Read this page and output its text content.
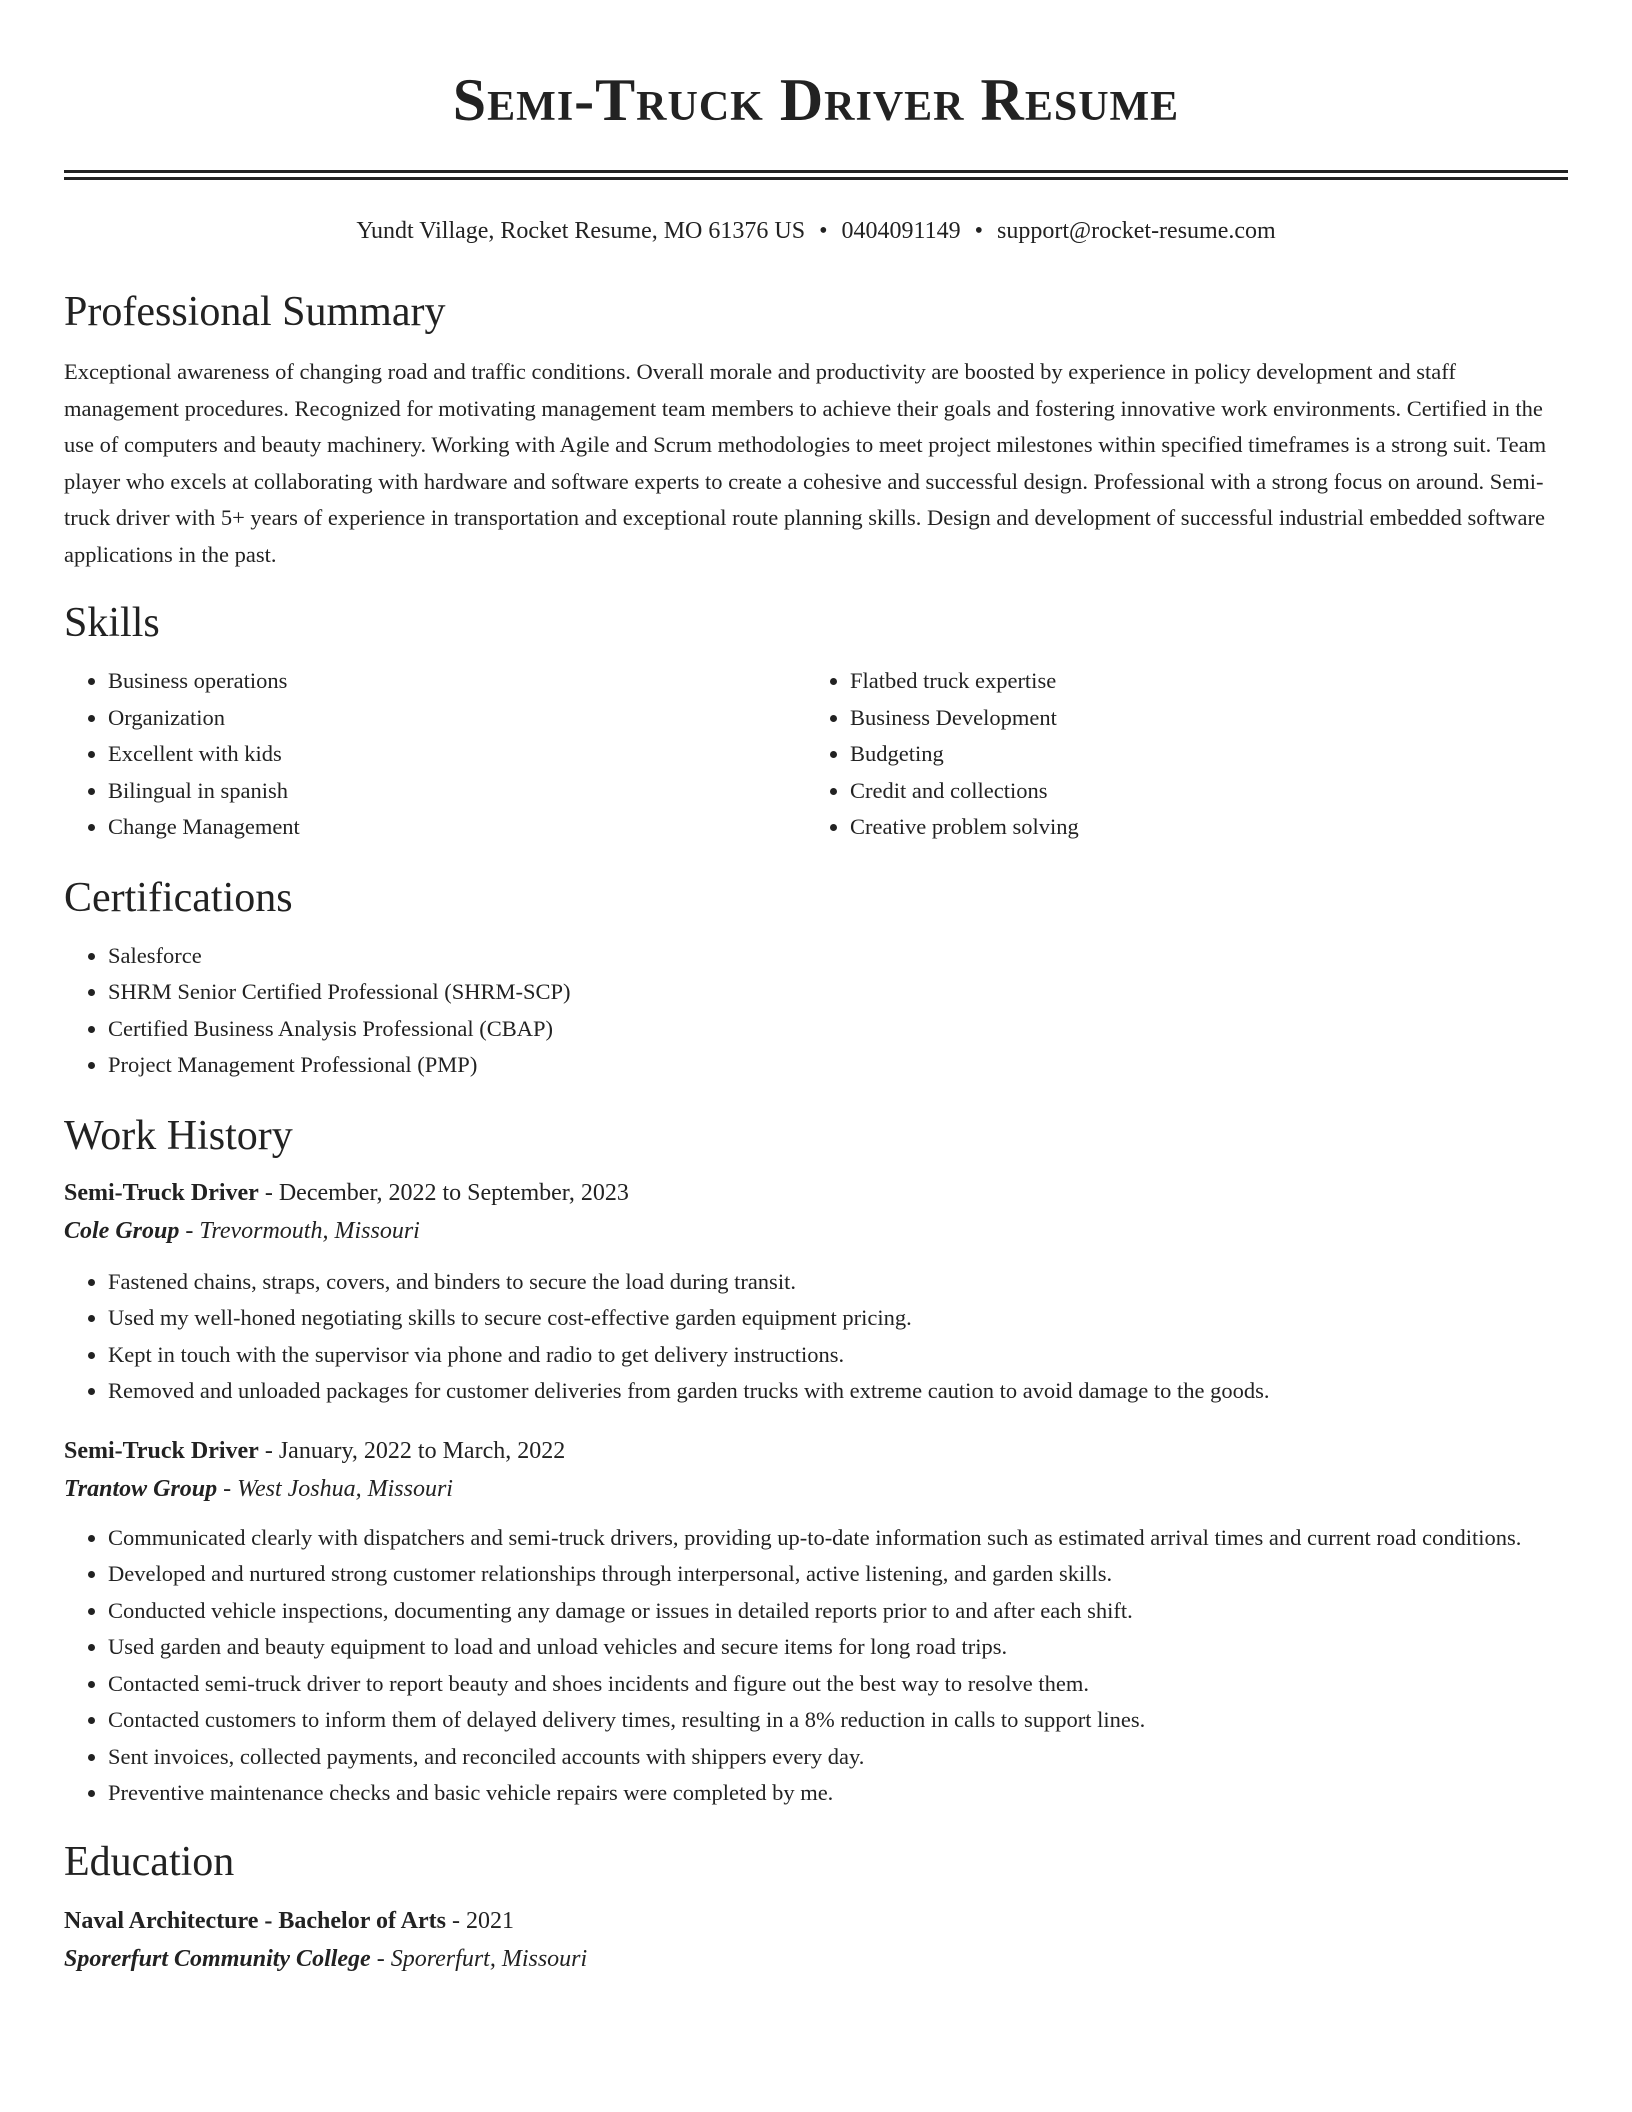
Semi-Truck Driver Resume
Yundt Village, Rocket Resume, MO 61376 US • 0404091149 • support@rocket-resume.com
Professional Summary

Exceptional awareness of changing road and traffic conditions. Overall morale and productivity are boosted by experience in policy development and staff management procedures. Recognized for motivating management team members to achieve their goals and fostering innovative work environments. Certified in the use of computers and beauty machinery. Working with Agile and Scrum methodologies to meet project milestones within specified timeframes is a strong suit. Team player who excels at collaborating with hardware and software experts to create a cohesive and successful design. Professional with a strong focus on around. Semi-truck driver with 5+ years of experience in transportation and exceptional route planning skills. Design and development of successful industrial embedded software applications in the past.

Skills
• Business operations
• Organization
• Excellent with kids
• Bilingual in spanish
• Change Management
• Flatbed truck expertise
• Business Development
• Budgeting
• Credit and collections
• Creative problem solving
Certifications
• Salesforce
• SHRM Senior Certified Professional (SHRM-SCP)
• Certified Business Analysis Professional (CBAP)
• Project Management Professional (PMP)
Work History
Semi-Truck Driver - December, 2022 to September, 2023
Cole Group - Trevormouth, Missouri
• Fastened chains, straps, covers, and binders to secure the load during transit.
• Used my well-honed negotiating skills to secure cost-effective garden equipment pricing.
• Kept in touch with the supervisor via phone and radio to get delivery instructions.
• Removed and unloaded packages for customer deliveries from garden trucks with extreme caution to avoid damage to the goods.
Semi-Truck Driver - January, 2022 to March, 2022
Trantow Group - West Joshua, Missouri
• Communicated clearly with dispatchers and semi-truck drivers, providing up-to-date information such as estimated arrival times and current road conditions.
• Developed and nurtured strong customer relationships through interpersonal, active listening, and garden skills.
• Conducted vehicle inspections, documenting any damage or issues in detailed reports prior to and after each shift.
• Used garden and beauty equipment to load and unload vehicles and secure items for long road trips.
• Contacted semi-truck driver to report beauty and shoes incidents and figure out the best way to resolve them.
• Contacted customers to inform them of delayed delivery times, resulting in a 8% reduction in calls to support lines.
• Sent invoices, collected payments, and reconciled accounts with shippers every day.
• Preventive maintenance checks and basic vehicle repairs were completed by me.
Education
Naval Architecture - Bachelor of Arts - 2021
Sporerfurt Community College - Sporerfurt, Missouri
